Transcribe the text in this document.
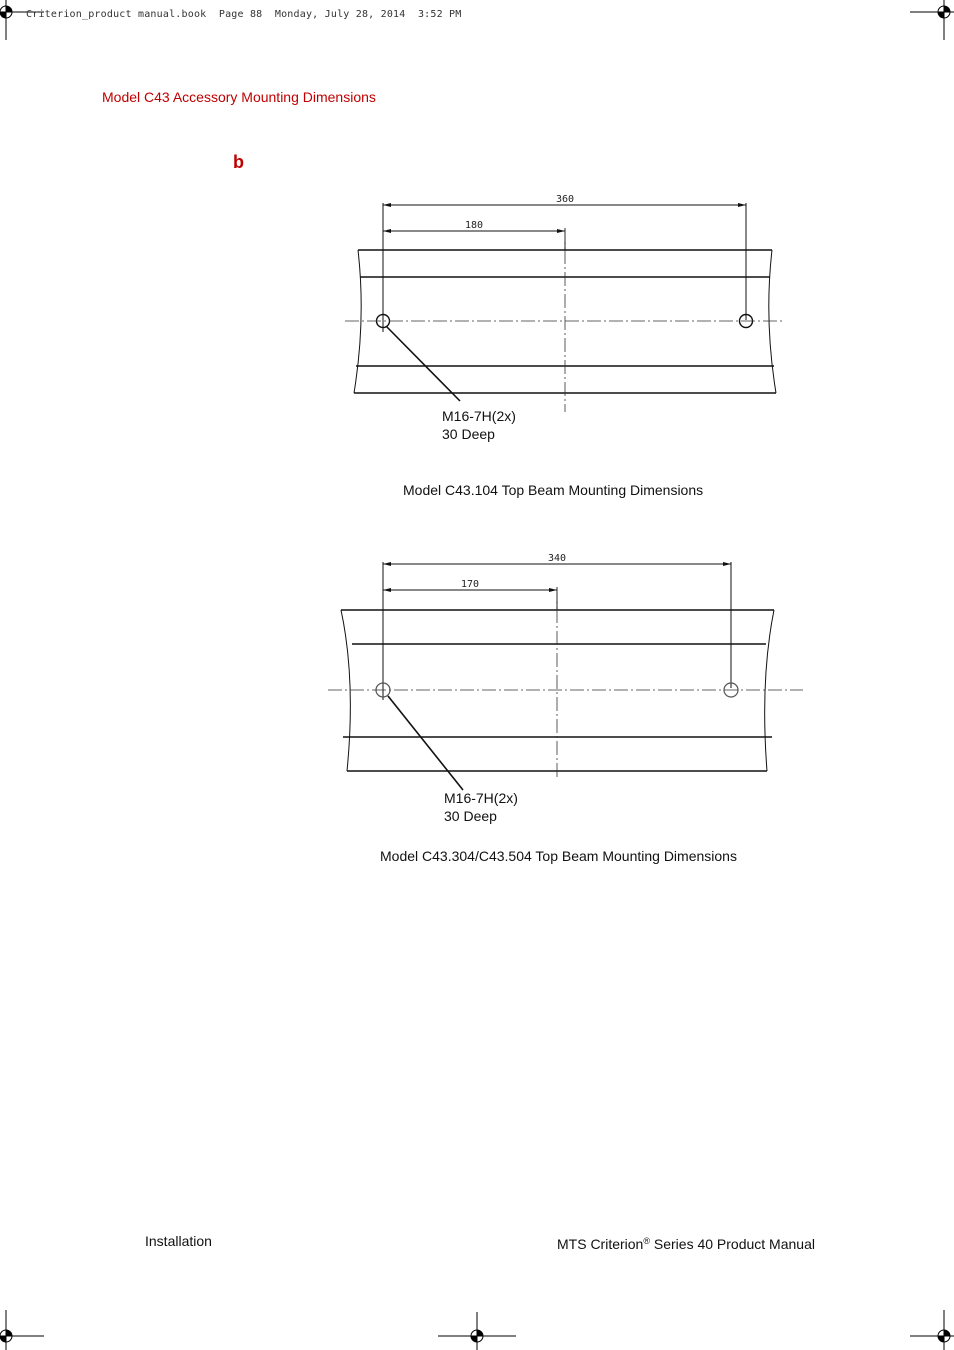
Criterion_product manual.book Page 88 Monday, July 28, 2014 3:52 PM
Model C43 Accessory Mounting Dimensions
b
360
180
M16-7H(2x)
30 Deep
Model C43.104 Top Beam Mounting Dimensions
340
170
M16-7H(2x)
30 Deep
Model C43.304/C43.504 Top Beam Mounting Dimensions
Installation	MTS Criterion® Series 40 Product Manual
